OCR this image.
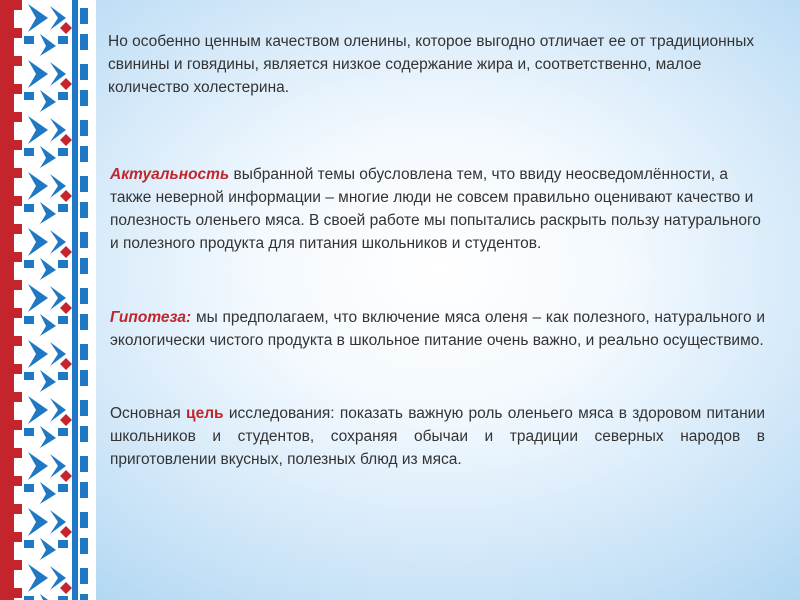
Но особенно ценным качеством оленины, которое выгодно отличает ее от традиционных свинины и говядины, является низкое содержание жира и, соответственно, малое количество холестерина.
Актуальность выбранной темы обусловлена тем, что ввиду неосведомлённости, а также неверной информации – многие люди не совсем правильно оценивают качество и полезность оленьего мяса. В своей работе мы попытались раскрыть пользу натурального и полезного продукта для питания школьников и студентов.
Гипотеза: мы предполагаем, что включение мяса оленя – как полезного, натурального и экологически чистого продукта в школьное питание очень важно, и реально осуществимо.
Основная цель исследования: показать важную роль оленьего мяса в здоровом питании школьников и студентов, сохраняя обычаи и традиции северных народов в приготовлении вкусных, полезных блюд из мяса.
